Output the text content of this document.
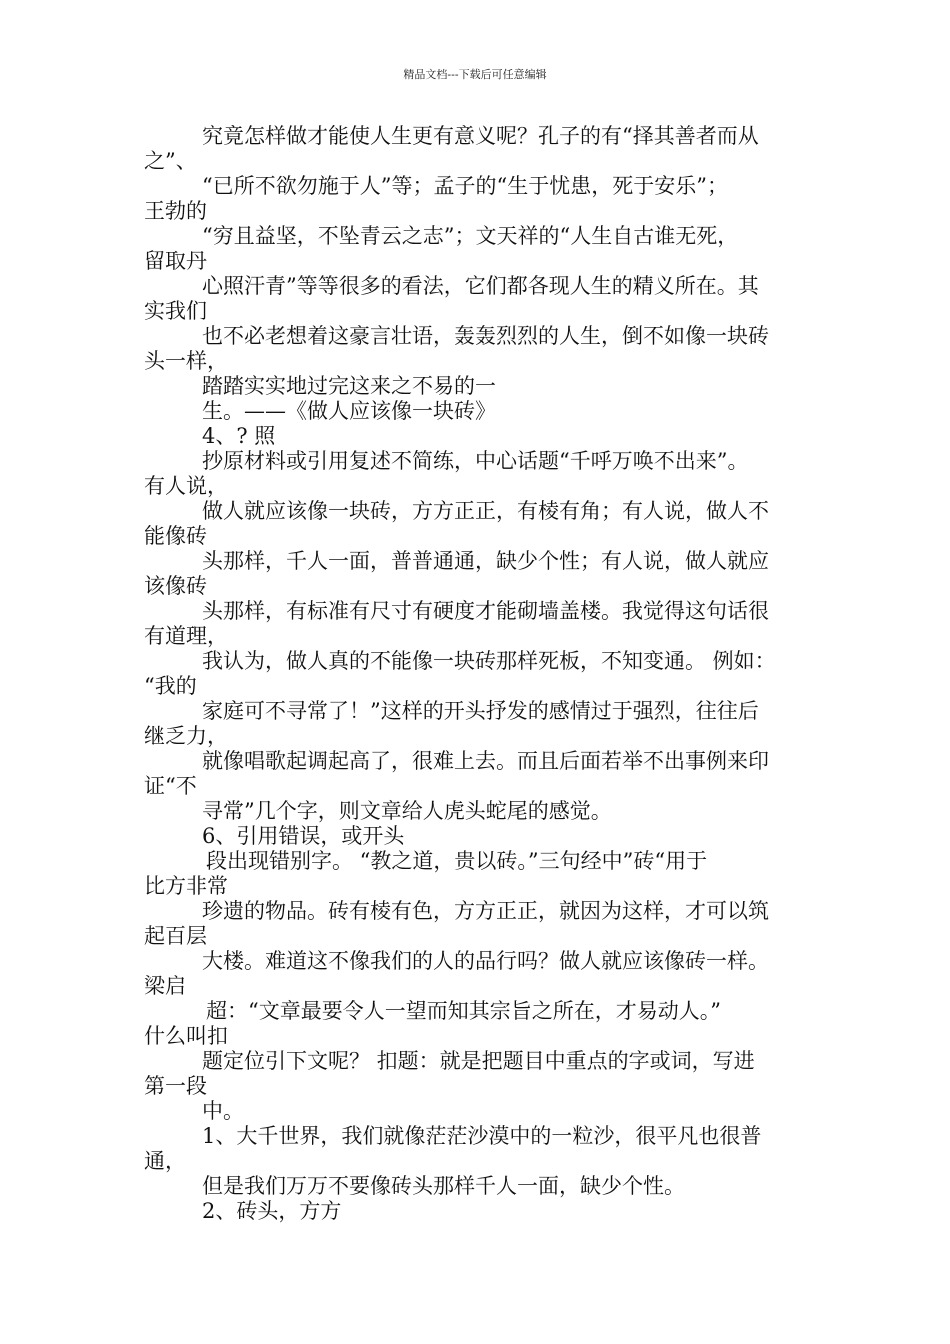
精品文档---下载后可任意编辑
究竟怎样做才能使人生更有意义呢？孔子的有“择其善者而从
之”、
“已所不欲勿施于人”等；孟子的“生于忧患，死于安乐”；
王勃的
“穷且益坚，不坠青云之志”；文天祥的“人生自古谁无死，
留取丹
心照汗青”等等很多的看法，它们都各现人生的精义所在。其
实我们
也不必老想着这豪言壮语，轰轰烈烈的人生，倒不如像一块砖
头一样，
踏踏实实地过完这来之不易的一
生。——《做人应该像一块砖》
4、? 照
抄原材料或引用复述不简练，中心话题“千呼万唤不出来”。
有人说，
做人就应该像一块砖，方方正正，有棱有角；有人说，做人不
能像砖
头那样，千人一面，普普通通，缺少个性；有人说，做人就应
该像砖
头那样，有标准有尺寸有硬度才能砌墙盖楼。我觉得这句话很
有道理，
我认为，做人真的不能像一块砖那样死板，不知变通。 例如：
“我的
家庭可不寻常了！”这样的开头抒发的感情过于强烈，往往后
继乏力，
就像唱歌起调起高了，很难上去。而且后面若举不出事例来印
证“不
寻常”几个字，则文章给人虎头蛇尾的感觉。
6、引用错误，或开头
段出现错别字。 “教之道，贵以砖。”三句经中”砖“用于
比方非常
珍遗的物品。砖有棱有色，方方正正，就因为这样，才可以筑
起百层
大楼。难道这不像我们的人的品行吗？做人就应该像砖一样。
梁启
超：“文章最要令人一望而知其宗旨之所在，才易动人。”
什么叫扣
题定位引下文呢？ 扣题：就是把题目中重点的字或词，写进
第一段
中。
1、大千世界，我们就像茫茫沙漠中的一粒沙，很平凡也很普
通，
但是我们万万不要像砖头那样千人一面，缺少个性。
2、砖头，方方
